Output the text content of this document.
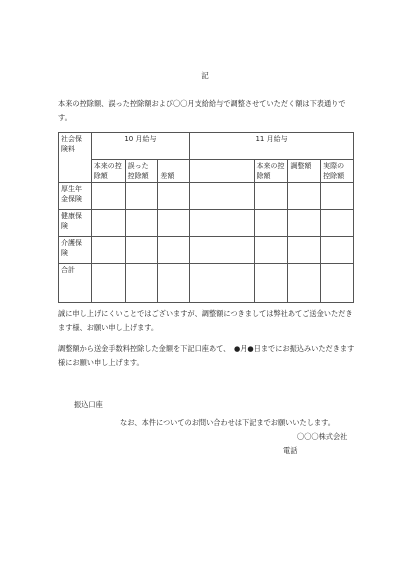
記
本来の控除額、誤った控除額および〇〇月支給給与で調整させていただく額は下表通りです。
社会保険料	10 月給与			11 月給与			
	本来の控除額	誤った控除額	差額		本来の控除額	調整額	実際の控除額
厚生年金保険							
健康保険							
介護保険							
合計							
誠に申し上げにくいことではございますが、調整額につきましては弊社あてご送金いただきます様、お願い申し上げます。
調整額から送金手数料控除した金額を下記口座あて、　●月●日までにお振込みいただきます様にお願い申し上げます。
振込口座
なお、本件についてのお問い合わせは下記までお願いいたします。
〇〇〇株式会社
電話
